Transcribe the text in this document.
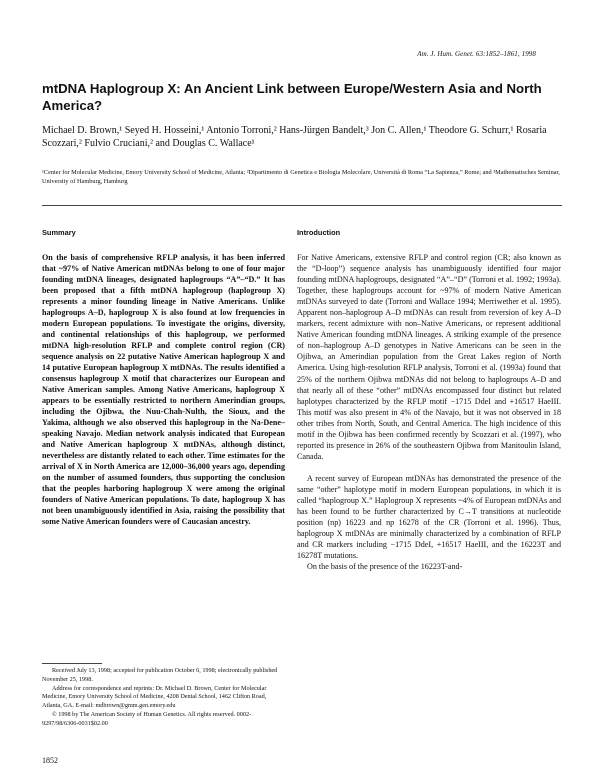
Am. J. Hum. Genet. 63:1852–1861, 1998
mtDNA Haplogroup X: An Ancient Link between Europe/Western Asia and North America?
Michael D. Brown,¹ Seyed H. Hosseini,¹ Antonio Torroni,² Hans-Jürgen Bandelt,³ Jon C. Allen,¹ Theodore G. Schurr,¹ Rosaria Scozzari,² Fulvio Cruciani,² and Douglas C. Wallace¹
¹Center for Molecular Medicine, Emory University School of Medicine, Atlanta; ²Dipartimento di Genetica e Biologia Molecolare, Università di Roma “La Sapienza,” Rome; and ³Mathematisches Seminar, University of Hamburg, Hamburg
Summary	Introduction
On the basis of comprehensive RFLP analysis, it has been inferred that ~97% of Native American mtDNAs belong to one of four major founding mtDNA lineages, designated haplogroups “A”–“D.” It has been proposed that a fifth mtDNA haplogroup (haplogroup X) represents a minor founding lineage in Native Americans. Unlike haplogroups A–D, haplogroup X is also found at low frequencies in modern European populations. To investigate the origins, diversity, and continental relationships of this haplogroup, we performed mtDNA high-resolution RFLP and complete control region (CR) sequence analysis on 22 putative Native American haplogroup X and 14 putative European haplogroup X mtDNAs. The results identified a consensus haplogroup X motif that characterizes our European and Native American samples. Among Native Americans, haplogroup X appears to be essentially restricted to northern Amerindian groups, including the Ojibwa, the Nuu-Chah-Nulth, the Sioux, and the Yakima, although we also observed this haplogroup in the Na-Dene–speaking Navajo. Median network analysis indicated that European and Native American haplogroup X mtDNAs, although distinct, nevertheless are distantly related to each other. Time estimates for the arrival of X in North America are 12,000–36,000 years ago, depending on the number of assumed founders, thus supporting the conclusion that the peoples harboring haplogroup X were among the original founders of Native American populations. To date, haplogroup X has not been unambiguously identified in Asia, raising the possibility that some Native American founders were of Caucasian ancestry.

For Native Americans, extensive RFLP and control region (CR; also known as the “D-loop”) sequence analysis has unambiguously identified four major founding mtDNA haplogroups, designated “A”–“D” (Torroni et al. 1992; 1993a). Together, these haplogroups account for ~97% of modern Native American mtDNAs surveyed to date (Torroni and Wallace 1994; Merriwether et al. 1995). Apparent non–haplogroup A–D mtDNAs can result from reversion of key A–D markers, recent admixture with non–Native Americans, or represent additional Native American founding mtDNA lineages. A striking example of the presence of non–haplogroup A–D genotypes in Native Americans can be seen in the Ojibwa, an Amerindian population from the Great Lakes region of North America. Using high-resolution RFLP analysis, Torroni et al. (1993a) found that 25% of the northern Ojibwa mtDNAs did not belong to haplogroups A–D and that nearly all of these “other” mtDNAs encompassed four distinct but related haplotypes characterized by the RFLP motif −1715 DdeI and +16517 HaeIII. This motif was also present in 4% of the Navajo, but it was not observed in 18 other tribes from North, South, and Central America. The high incidence of this motif in the Ojibwa has been confirmed recently by Scozzari et al. (1997), who reported its presence in 26% of the southeastern Ojibwa from Manitoulin Island, Canada.

A recent survey of European mtDNAs has demonstrated the presence of the same “other” haplotype motif in modern European populations, in which it is called “haplogroup X.” Haplogroup X represents ~4% of European mtDNAs and has been found to be further characterized by C→T transitions at nucleotide position (np) 16223 and np 16278 of the CR (Torroni et al. 1996). Thus, haplogroup X mtDNAs are minimally characterized by a combination of RFLP and CR markers including −1715 DdeI, +16517 HaeIII, and the 16223T and 16278T mutations.

On the basis of the presence of the 16223T-and-

Received July 13, 1998; accepted for publication October 6, 1998; electronically published November 25, 1998.

Address for correspondence and reprints: Dr. Michael D. Brown, Center for Molecular Medicine, Emory University School of Medicine, 4208 Dental School, 1462 Clifton Road, Atlanta, GA. E-mail: mdbrown@gmm.gen.emory.edu

© 1998 by The American Society of Human Genetics. All rights reserved. 0002-9297/98/6306-0031$02.00

1852
